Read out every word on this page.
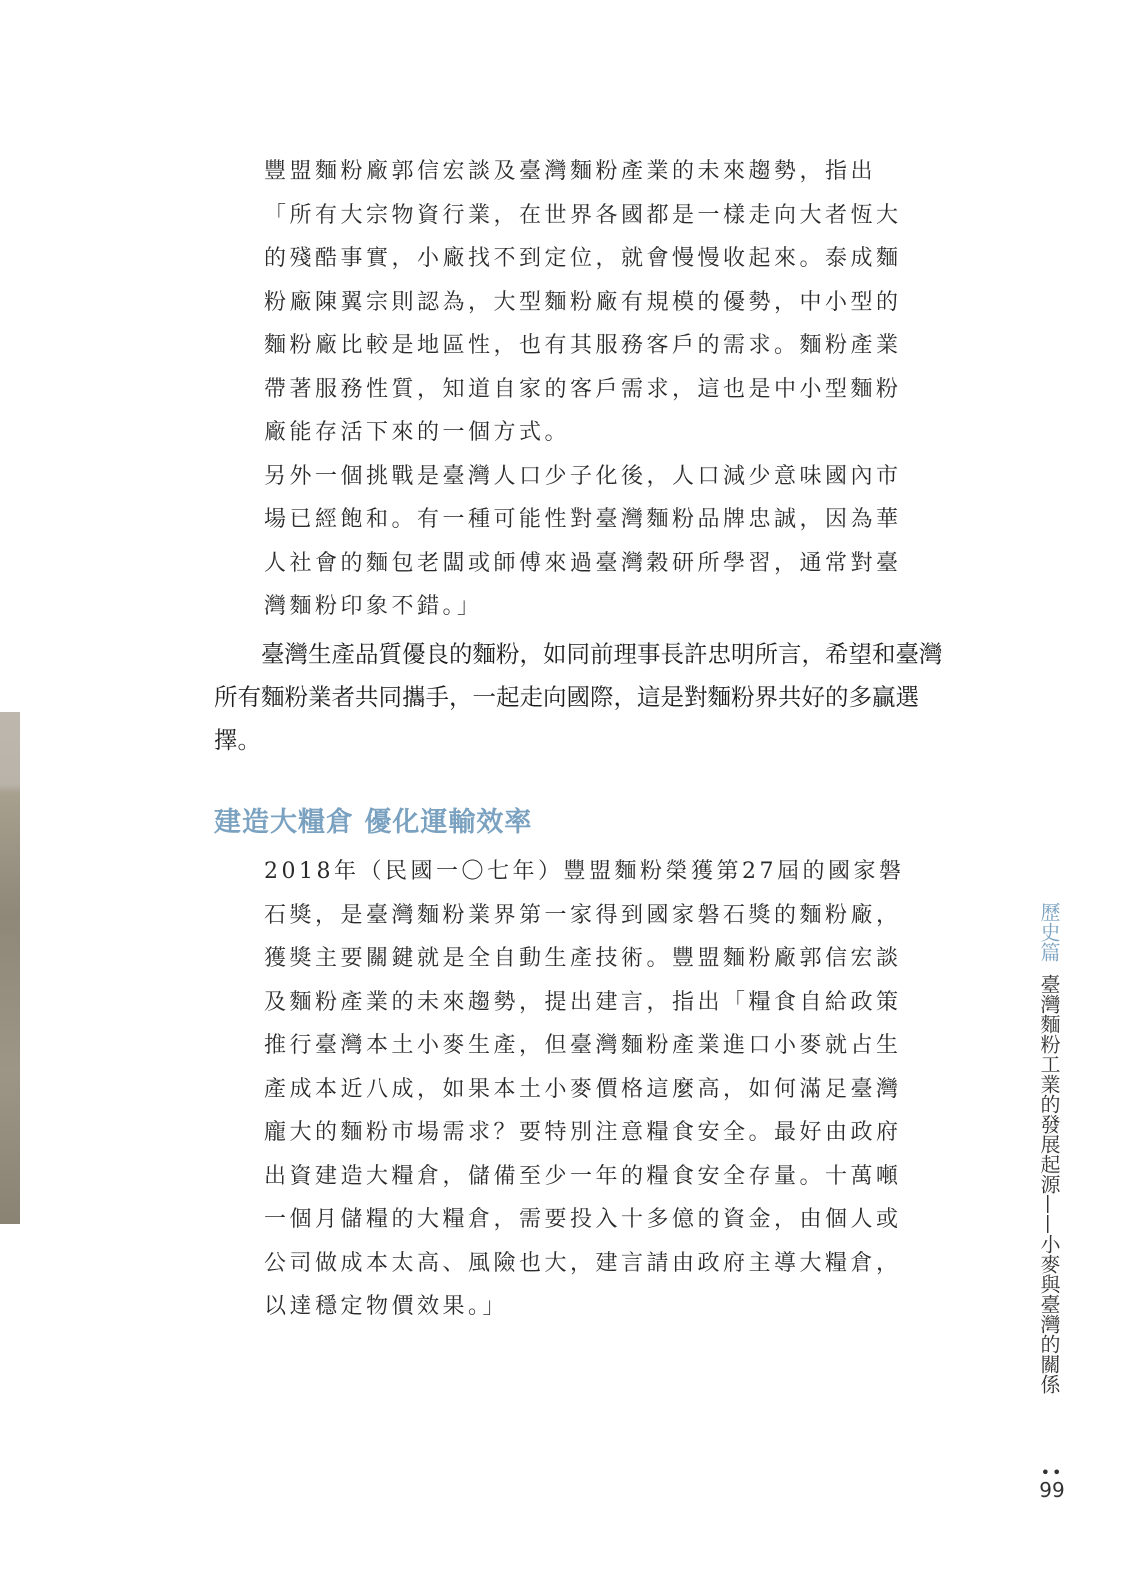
豐盟麵粉廠郭信宏談及臺灣麵粉產業的未來趨勢，指出「所有大宗物資行業，在世界各國都是一樣走向大者恆大的殘酷事實，小廠找不到定位，就會慢慢收起來。泰成麵粉廠陳翼宗則認為，大型麵粉廠有規模的優勢，中小型的麵粉廠比較是地區性，也有其服務客戶的需求。麵粉產業帶著服務性質，知道自家的客戶需求，這也是中小型麵粉廠能存活下來的一個方式。

另外一個挑戰是臺灣人口少子化後，人口減少意味國內市場已經飽和。有一種可能性對臺灣麵粉品牌忠誠，因為華人社會的麵包老闆或師傅來過臺灣穀研所學習，通常對臺灣麵粉印象不錯。」

臺灣生產品質優良的麵粉，如同前理事長許忠明所言，希望和臺灣所有麵粉業者共同攜手，一起走向國際，這是對麵粉界共好的多贏選擇。

建造大糧倉 優化運輸效率

2018年（民國一〇七年）豐盟麵粉榮獲第27屆的國家磐石獎，是臺灣麵粉業界第一家得到國家磐石獎的麵粉廠，獲獎主要關鍵就是全自動生產技術。豐盟麵粉廠郭信宏談及麵粉產業的未來趨勢，提出建言，指出「糧食自給政策推行臺灣本土小麥生產，但臺灣麵粉產業進口小麥就占生產成本近八成，如果本土小麥價格這麼高，如何滿足臺灣龐大的麵粉市場需求？要特別注意糧食安全。最好由政府出資建造大糧倉，儲備至少一年的糧食安全存量。十萬噸一個月儲糧的大糧倉，需要投入十多億的資金，由個人或公司做成本太高、風險也大，建言請由政府主導大糧倉，以達穩定物價效果。」

歷史篇
臺灣麵粉工業的發展起源——小麥與臺灣的關係
••
99
